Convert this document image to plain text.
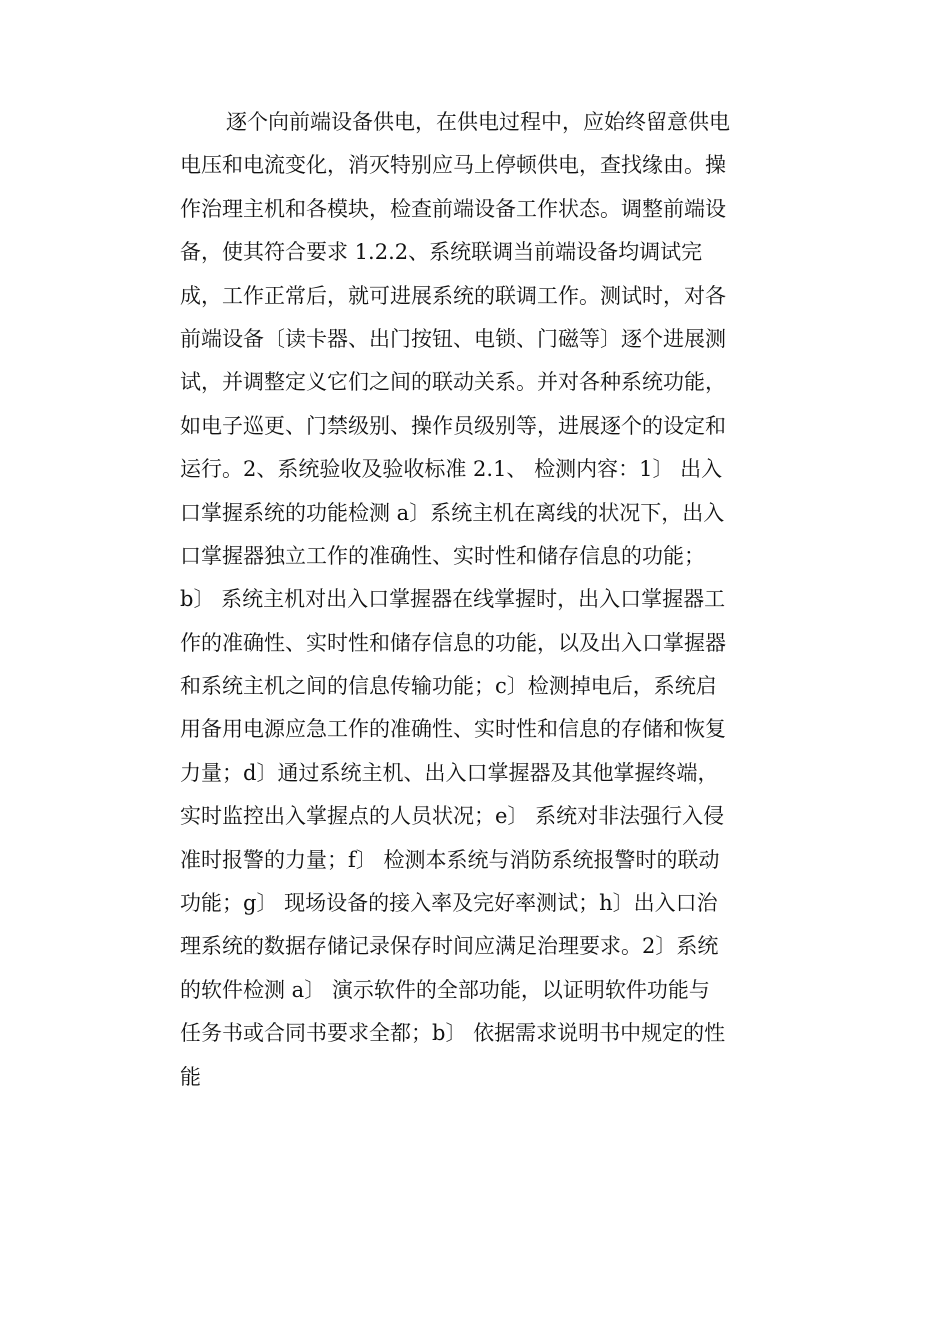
逐个向前端设备供电，在供电过程中，应始终留意供电
电压和电流变化，消灭特别应马上停顿供电，查找缘由。操
作治理主机和各模块，检查前端设备工作状态。调整前端设
备，使其符合要求 1.2.2、系统联调当前端设备均调试完
成，工作正常后，就可进展系统的联调工作。测试时，对各
前端设备〔读卡器、出门按钮、电锁、门磁等〕逐个进展测
试，并调整定义它们之间的联动关系。并对各种系统功能，
如电子巡更、门禁级别、操作员级别等，进展逐个的设定和
运行。2、系统验收及验收标准 2.1、 检测内容：1〕 出入
口掌握系统的功能检测 a〕系统主机在离线的状况下，出入
口掌握器独立工作的准确性、实时性和储存信息的功能；
b〕 系统主机对出入口掌握器在线掌握时，出入口掌握器工
作的准确性、实时性和储存信息的功能，以及出入口掌握器
和系统主机之间的信息传输功能；c〕检测掉电后，系统启
用备用电源应急工作的准确性、实时性和信息的存储和恢复
力量；d〕通过系统主机、出入口掌握器及其他掌握终端，
实时监控出入掌握点的人员状况；e〕 系统对非法强行入侵
准时报警的力量；f〕 检测本系统与消防系统报警时的联动
功能；g〕 现场设备的接入率及完好率测试；h〕出入口治
理系统的数据存储记录保存时间应满足治理要求。2〕系统
的软件检测 a〕 演示软件的全部功能，以证明软件功能与
任务书或合同书要求全都；b〕 依据需求说明书中规定的性
能
